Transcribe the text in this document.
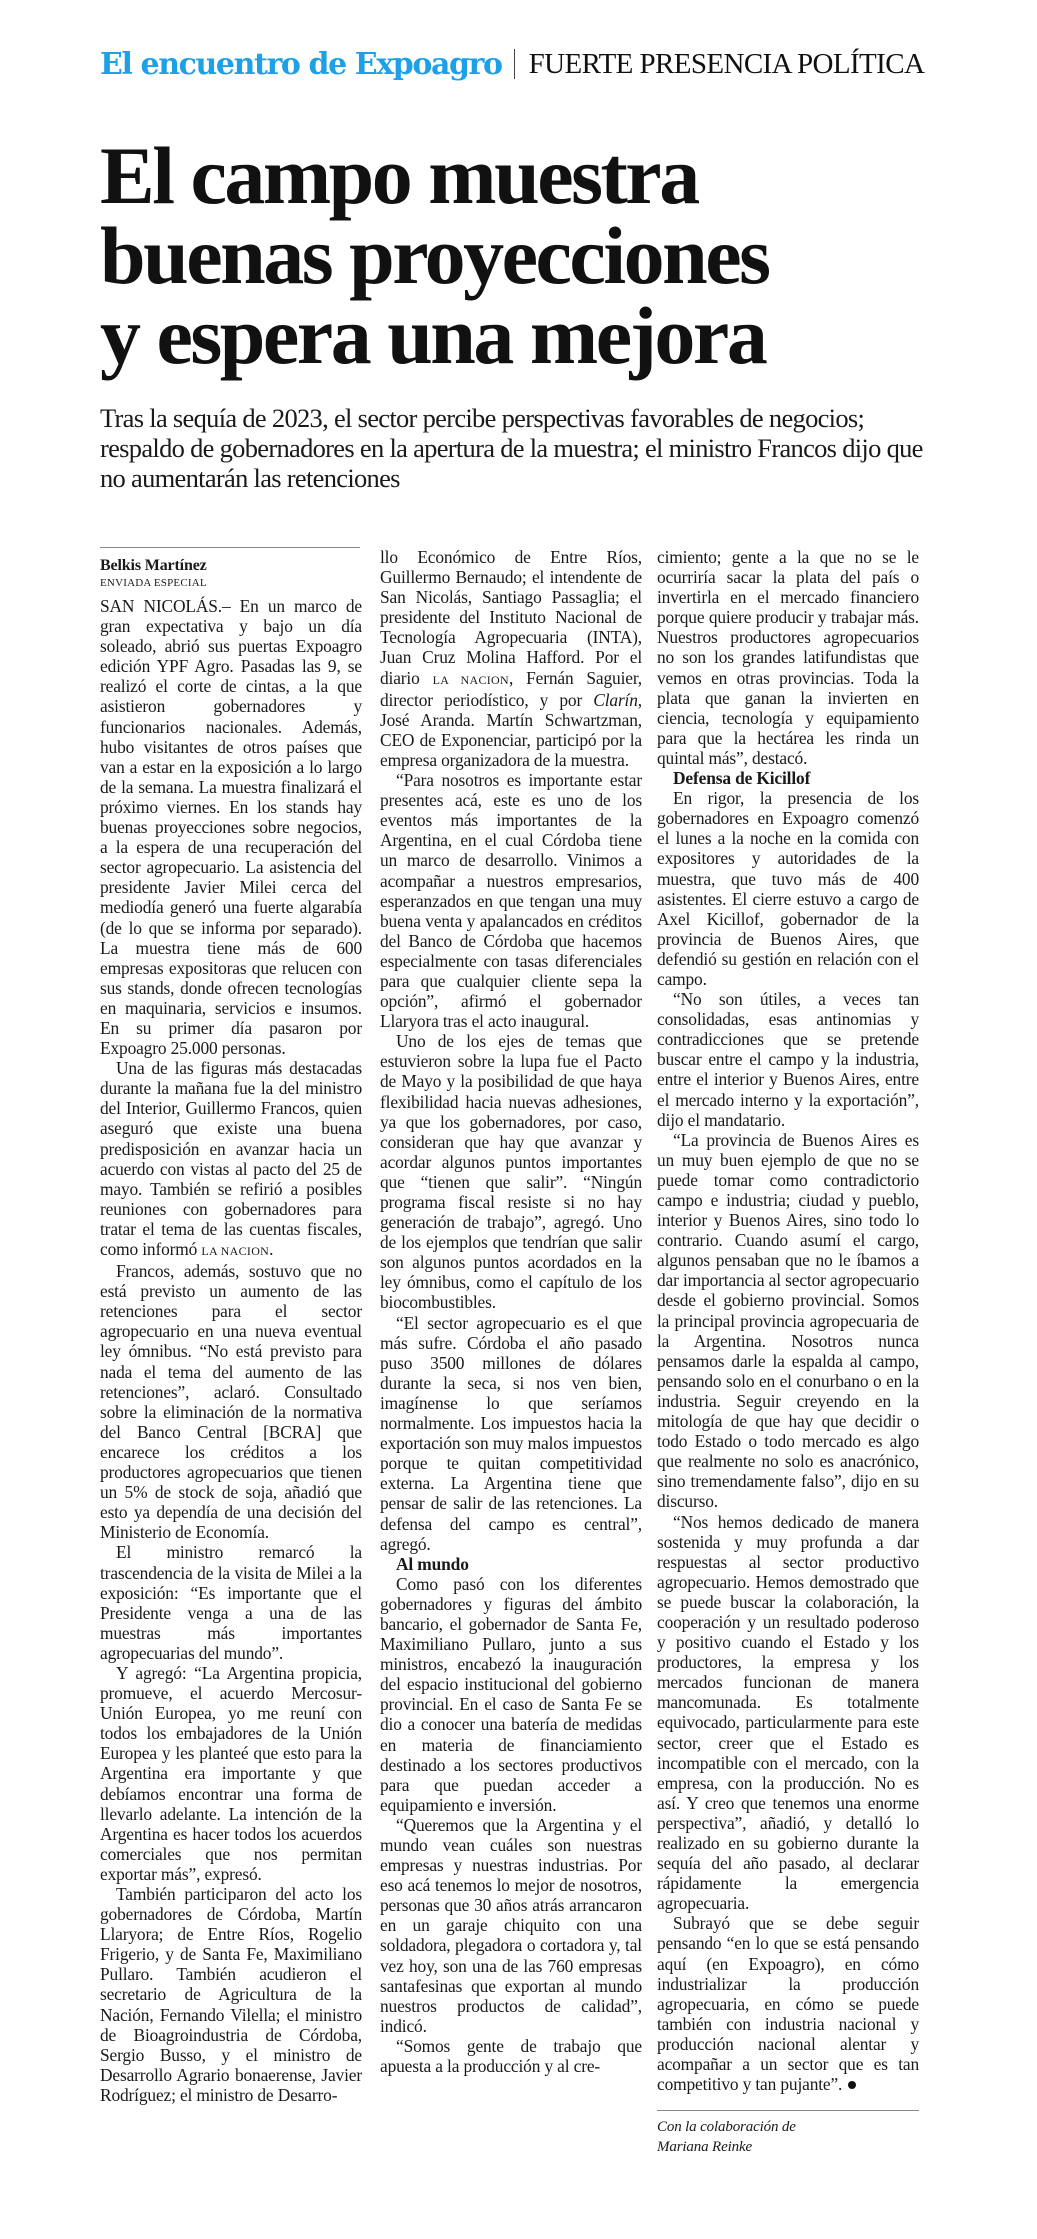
El encuentro de Expoagro FUERTE PRESENCIA POLÍTICA
El campo muestra
buenas proyecciones
y espera una mejora

Tras la sequía de 2023, el sector percibe perspectivas favorables de negocios; respaldo de gobernadores en la apertura de la muestra; el ministro Francos dijo que no aumentarán las retenciones

Belkis Martínez
ENVIADA ESPECIAL

SAN NICOLÁS.– En un marco de gran expectativa y bajo un día soleado, abrió sus puertas Expoagro edición YPF Agro. Pasadas las 9, se realizó el corte de cintas, a la que asistieron gobernadores y funcionarios nacionales. Además, hubo visitantes de otros países que van a estar en la exposición a lo largo de la semana. La muestra finalizará el próximo viernes. En los stands hay buenas proyecciones sobre negocios, a la espera de una recuperación del sector agropecuario. La asistencia del presidente Javier Milei cerca del mediodía generó una fuerte algarabía (de lo que se informa por separado). La muestra tiene más de 600 empresas expositoras que relucen con sus stands, donde ofrecen tecnologías en maquinaria, servicios e insumos. En su primer día pasaron por Expoagro 25.000 personas.

Una de las figuras más destacadas durante la mañana fue la del ministro del Interior, Guillermo Francos, quien aseguró que existe una buena predisposición en avanzar hacia un acuerdo con vistas al pacto del 25 de mayo. También se refirió a posibles reuniones con gobernadores para tratar el tema de las cuentas fiscales, como informó LA NACION.

Francos, además, sostuvo que no está previsto un aumento de las retenciones para el sector agropecuario en una nueva eventual ley ómnibus. “No está previsto para nada el tema del aumento de las retenciones”, aclaró. Consultado sobre la eliminación de la normativa del Banco Central [BCRA] que encarece los créditos a los productores agropecuarios que tienen un 5% de stock de soja, añadió que esto ya dependía de una decisión del Ministerio de Economía.

El ministro remarcó la trascendencia de la visita de Milei a la exposición: “Es importante que el Presidente venga a una de las muestras más importantes agropecuarias del mundo”.

Y agregó: “La Argentina propicia, promueve, el acuerdo Mercosur-Unión Europea, yo me reuní con todos los embajadores de la Unión Europea y les planteé que esto para la Argentina era importante y que debíamos encontrar una forma de llevarlo adelante. La intención de la Argentina es hacer todos los acuerdos comerciales que nos permitan exportar más”, expresó.

También participaron del acto los gobernadores de Córdoba, Martín Llaryora; de Entre Ríos, Rogelio Frigerio, y de Santa Fe, Maximiliano Pullaro. También acudieron el secretario de Agricultura de la Nación, Fernando Vilella; el ministro de Bioagroindustria de Córdoba, Sergio Busso, y el ministro de Desarrollo Agrario bonaerense, Javier Rodríguez; el ministro de Desarro-

llo Económico de Entre Ríos, Guillermo Bernaudo; el intendente de San Nicolás, Santiago Passaglia; el presidente del Instituto Nacional de Tecnología Agropecuaria (INTA), Juan Cruz Molina Hafford. Por el diario LA NACION, Fernán Saguier, director periodístico, y por Clarín, José Aranda. Martín Schwartzman, CEO de Exponenciar, participó por la empresa organizadora de la muestra.

“Para nosotros es importante estar presentes acá, este es uno de los eventos más importantes de la Argentina, en el cual Córdoba tiene un marco de desarrollo. Vinimos a acompañar a nuestros empresarios, esperanzados en que tengan una muy buena venta y apalancados en créditos del Banco de Córdoba que hacemos especialmente con tasas diferenciales para que cualquier cliente sepa la opción”, afirmó el gobernador Llaryora tras el acto inaugural.

Uno de los ejes de temas que estuvieron sobre la lupa fue el Pacto de Mayo y la posibilidad de que haya flexibilidad hacia nuevas adhesiones, ya que los gobernadores, por caso, consideran que hay que avanzar y acordar algunos puntos importantes que “tienen que salir”. “Ningún programa fiscal resiste si no hay generación de trabajo”, agregó. Uno de los ejemplos que tendrían que salir son algunos puntos acordados en la ley ómnibus, como el capítulo de los biocombustibles.

“El sector agropecuario es el que más sufre. Córdoba el año pasado puso 3500 millones de dólares durante la seca, si nos ven bien, imagínense lo que seríamos normalmente. Los impuestos hacia la exportación son muy malos impuestos porque te quitan competitividad externa. La Argentina tiene que pensar de salir de las retenciones. La defensa del campo es central”, agregó.

Al mundo

Como pasó con los diferentes gobernadores y figuras del ámbito bancario, el gobernador de Santa Fe, Maximiliano Pullaro, junto a sus ministros, encabezó la inauguración del espacio institucional del gobierno provincial. En el caso de Santa Fe se dio a conocer una batería de medidas en materia de financiamiento destinado a los sectores productivos para que puedan acceder a equipamiento e inversión.

“Queremos que la Argentina y el mundo vean cuáles son nuestras empresas y nuestras industrias. Por eso acá tenemos lo mejor de nosotros, personas que 30 años atrás arrancaron en un garaje chiquito con una soldadora, plegadora o cortadora y, tal vez hoy, son una de las 760 empresas santafesinas que exportan al mundo nuestros productos de calidad”, indicó.

“Somos gente de trabajo que apuesta a la producción y al cre-

cimiento; gente a la que no se le ocurriría sacar la plata del país o invertirla en el mercado financiero porque quiere producir y trabajar más. Nuestros productores agropecuarios no son los grandes latifundistas que vemos en otras provincias. Toda la plata que ganan la invierten en ciencia, tecnología y equipamiento para que la hectárea les rinda un quintal más”, destacó.

Defensa de Kicillof

En rigor, la presencia de los gobernadores en Expoagro comenzó el lunes a la noche en la comida con expositores y autoridades de la muestra, que tuvo más de 400 asistentes. El cierre estuvo a cargo de Axel Kicillof, gobernador de la provincia de Buenos Aires, que defendió su gestión en relación con el campo.

“No son útiles, a veces tan consolidadas, esas antinomias y contradicciones que se pretende buscar entre el campo y la industria, entre el interior y Buenos Aires, entre el mercado interno y la exportación”, dijo el mandatario.

“La provincia de Buenos Aires es un muy buen ejemplo de que no se puede tomar como contradictorio campo e industria; ciudad y pueblo, interior y Buenos Aires, sino todo lo contrario. Cuando asumí el cargo, algunos pensaban que no le íbamos a dar importancia al sector agropecuario desde el gobierno provincial. Somos la principal provincia agropecuaria de la Argentina. Nosotros nunca pensamos darle la espalda al campo, pensando solo en el conurbano o en la industria. Seguir creyendo en la mitología de que hay que decidir o todo Estado o todo mercado es algo que realmente no solo es anacrónico, sino tremendamente falso”, dijo en su discurso.

“Nos hemos dedicado de manera sostenida y muy profunda a dar respuestas al sector productivo agropecuario. Hemos demostrado que se puede buscar la colaboración, la cooperación y un resultado poderoso y positivo cuando el Estado y los productores, la empresa y los mercados funcionan de manera mancomunada. Es totalmente equivocado, particularmente para este sector, creer que el Estado es incompatible con el mercado, con la empresa, con la producción. No es así. Y creo que tenemos una enorme perspectiva”, añadió, y detalló lo realizado en su gobierno durante la sequía del año pasado, al declarar rápidamente la emergencia agropecuaria.

Subrayó que se debe seguir pensando “en lo que se está pensando aquí (en Expoagro), en cómo industrializar la producción agropecuaria, en cómo se puede también con industria nacional y producción nacional alentar y acompañar a un sector que es tan competitivo y tan pujante”.

Con la colaboración de
Mariana Reinke
